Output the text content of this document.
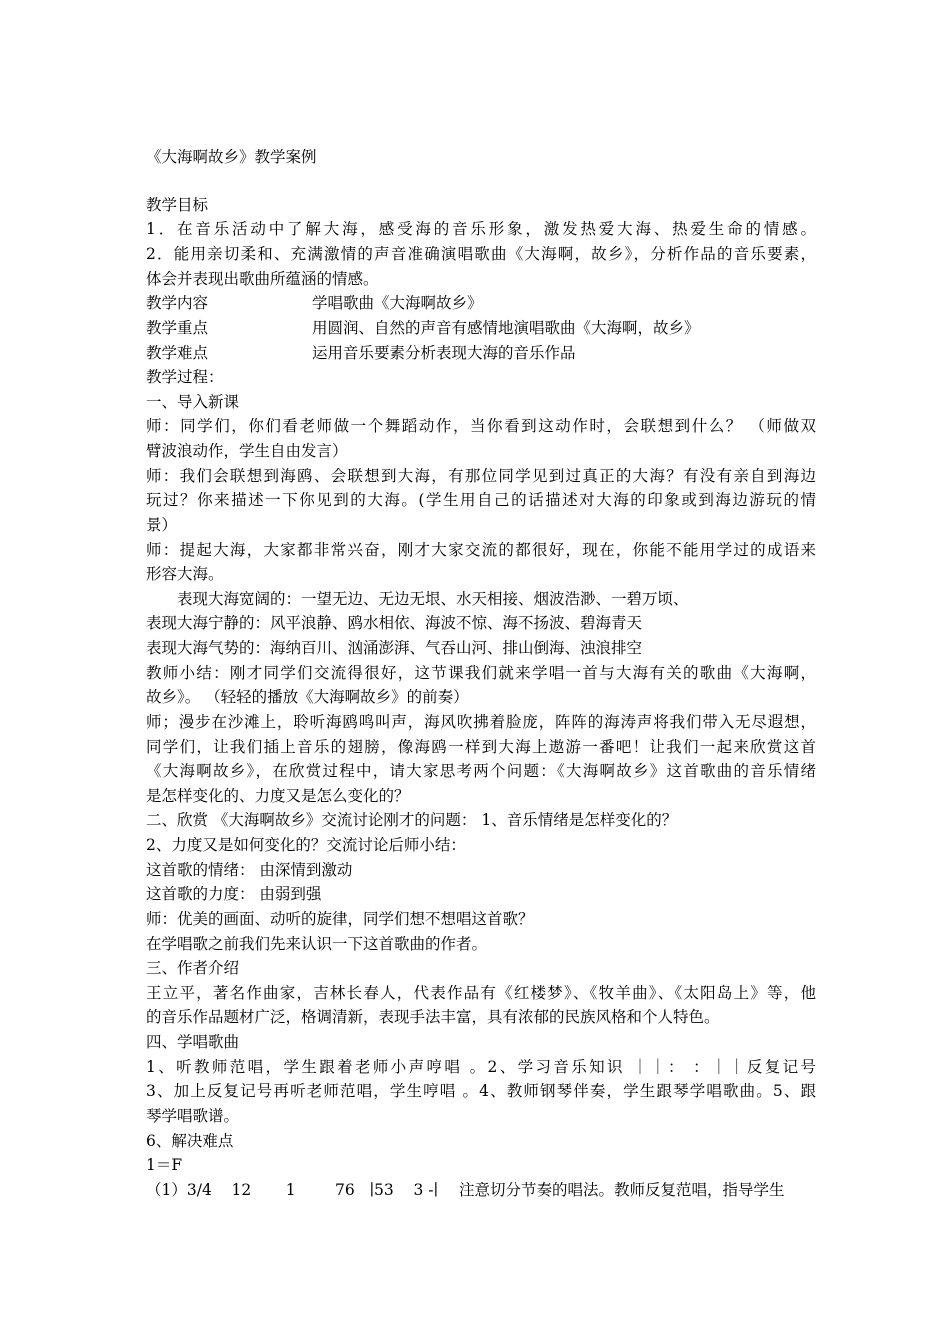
《大海啊故乡》教学案例
教学目标
1．在音乐活动中了解大海，感受海的音乐形象，激发热爱大海、热爱生命的情感。
2．能用亲切柔和、充满激情的声音准确演唱歌曲《大海啊，故乡》，分析作品的音乐要素，
体会并表现出歌曲所蕴涵的情感。
教学内容	学唱歌曲《大海啊故乡》
教学重点	用圆润、自然的声音有感情地演唱歌曲《大海啊，故乡》
教学难点	运用音乐要素分析表现大海的音乐作品
教学过程：
一、导入新课
师：同学们，你们看老师做一个舞蹈动作，当你看到这动作时，会联想到什么？ （师做双
臂波浪动作，学生自由发言）
师：我们会联想到海鸥、会联想到大海，有那位同学见到过真正的大海？有没有亲自到海边
玩过？你来描述一下你见到的大海。(学生用自己的话描述对大海的印象或到海边游玩的情
景）
师：提起大海，大家都非常兴奋，刚才大家交流的都很好，现在，你能不能用学过的成语来
形容大海。
表现大海宽阔的：一望无边、无边无垠、水天相接、烟波浩渺、一碧万顷、
表现大海宁静的：风平浪静、鸥水相依、海波不惊、海不扬波、碧海青天
表现大海气势的：海纳百川、汹涌澎湃、气吞山河、排山倒海、浊浪排空
教师小结：刚才同学们交流得很好，这节课我们就来学唱一首与大海有关的歌曲《大海啊，
故乡》。 （轻轻的播放《大海啊故乡》的前奏）
师；漫步在沙滩上，聆听海鸥鸣叫声，海风吹拂着脸庞，阵阵的海涛声将我们带入无尽遐想，
同学们，让我们插上音乐的翅膀，像海鸥一样到大海上遨游一番吧！让我们一起来欣赏这首
《大海啊故乡》，在欣赏过程中，请大家思考两个问题：《大海啊故乡》这首歌曲的音乐情绪
是怎样变化的、力度又是怎么变化的？
二、欣赏 《大海啊故乡》交流讨论刚才的问题： 1、音乐情绪是怎样变化的？
2、力度又是如何变化的？交流讨论后师小结：
这首歌的情绪： 由深情到激动
这首歌的力度： 由弱到强
师：优美的画面、动听的旋律，同学们想不想唱这首歌？
在学唱歌之前我们先来认识一下这首歌曲的作者。
三、作者介绍
王立平，著名作曲家，吉林长春人，代表作品有《红楼梦》、《牧羊曲》、《太阳岛上》等，他
的音乐作品题材广泛，格调清新，表现手法丰富，具有浓郁的民族风格和个人特色。
四、学唱歌曲
1、听教师范唱，学生跟着老师小声哼唱 。2、学习音乐知识 ｜｜： ：｜｜反复记号
3、加上反复记号再听老师范唱，学生哼唱 。4、教师钢琴伴奏，学生跟琴学唱歌曲。5、跟
琴学唱歌谱。
6、解决难点
1＝F
（1）3/4    12       1        76   ∣53    3 -∣ 注意切分节奏的唱法。教师反复范唱，指导学生
